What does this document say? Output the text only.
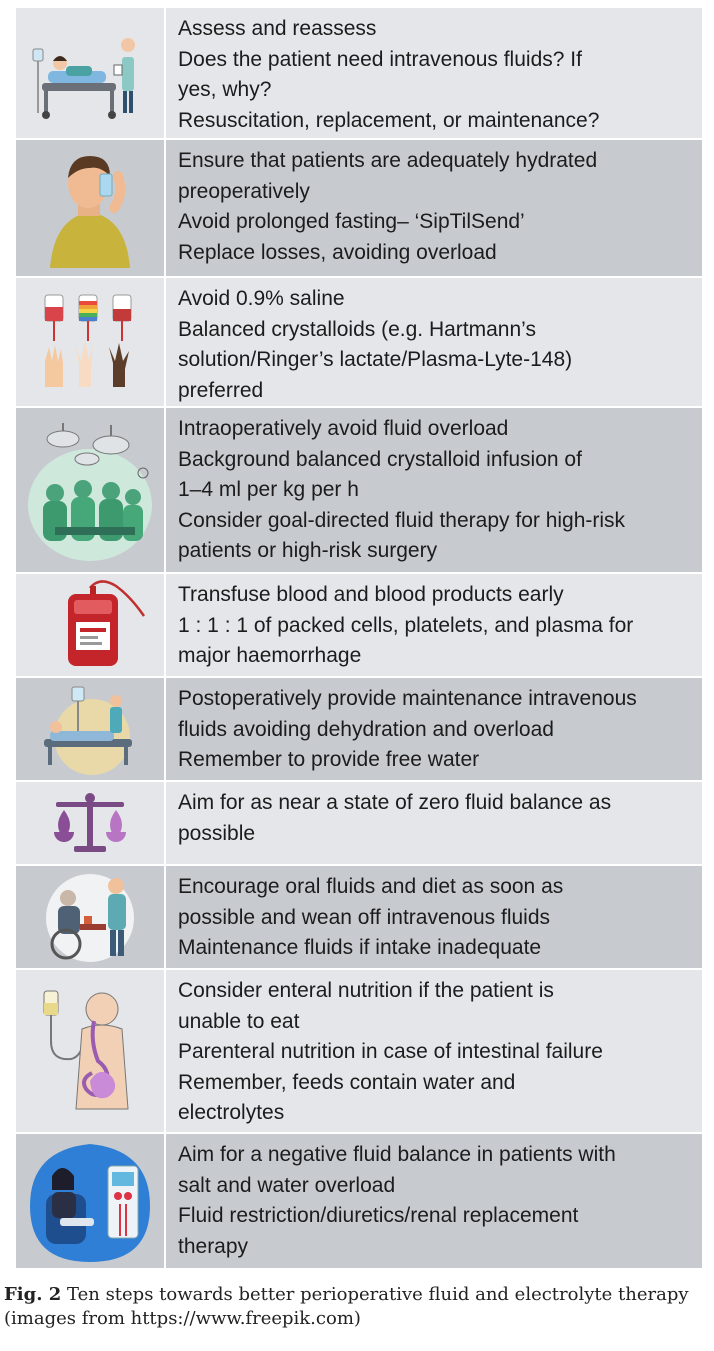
Assess and reassess
Does the patient need intravenous fluids? If
yes, why?
Resuscitation, replacement, or maintenance?
Ensure that patients are adequately hydrated
preoperatively
Avoid prolonged fasting– ‘SipTilSend’
Replace losses, avoiding overload
Avoid 0.9% saline
Balanced crystalloids (e.g. Hartmann’s
solution/Ringer’s lactate/Plasma-Lyte-148)
preferred
Intraoperatively avoid fluid overload
Background balanced crystalloid infusion of
1–4 ml per kg per h
Consider goal-directed fluid therapy for high-risk
patients or high-risk surgery
Transfuse blood and blood products early
1 : 1 : 1 of packed cells, platelets, and plasma for
major haemorrhage
Postoperatively provide maintenance intravenous
fluids avoiding dehydration and overload
Remember to provide free water
Aim for as near a state of zero fluid balance as
possible
Encourage oral fluids and diet as soon as
possible and wean off intravenous fluids
Maintenance fluids if intake inadequate
Consider enteral nutrition if the patient is
unable to eat
Parenteral nutrition in case of intestinal failure
Remember, feeds contain water and
electrolytes
Aim for a negative fluid balance in patients with
salt and water overload
Fluid restriction/diuretics/renal replacement
therapy
Fig. 2 Ten steps towards better perioperative fluid and electrolyte therapy (images from https://www.freepik.com)
